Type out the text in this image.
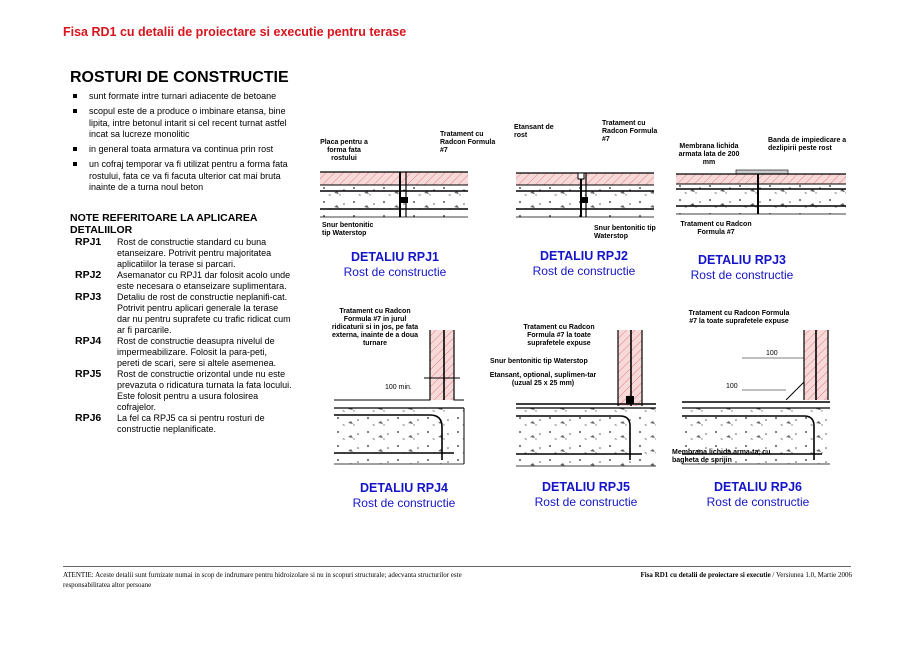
Fisa RD1 cu detalii de proiectare si executie pentru terase
ROSTURI DE CONSTRUCTIE
sunt formate intre turnari adiacente de betoane
scopul este de a produce o imbinare etansa, bine lipita, intre betonul intarit si cel recent turnat astfel incat sa lucreze monolitic
in general toata armatura va continua prin rost
un cofraj temporar va fi utilizat pentru a forma fata rostului, fata ce va fi facuta ulterior cat mai bruta inainte de a turna noul beton
NOTE REFERITOARE LA APLICAREA DETALIILOR
RPJ1	Rost de constructie standard cu buna etanseizare. Potrivit pentru majoritatea aplicatiilor la terase si parcari.
RPJ2	Asemanator cu RPJ1 dar folosit acolo unde este necesara o etanseizare suplimentara.
RPJ3	Detaliu de rost de constructie neplanifi-cat. Potrivit pentru aplicari generale la terase dar nu pentru suprafete cu trafic ridicat cum ar fi parcarile.
RPJ4	Rost de constructie deasupra nivelul de impermeabilizare. Folosit la para-peti, pereti de scari, sere si altele asemenea.
RPJ5	Rost de constructie orizontal unde nu este prevazuta o ridicatura turnata la fata locului. Este folosit pentru a usura folosirea cofrajelor.
RPJ6	La fel ca RPJ5 ca si pentru rosturi de constructie neplanificate.
Placa pentru a forma fata rostului
Tratament cu Radcon Formula #7
Snur bentonitic tip Waterstop
DETALIU RPJ1
Rost de constructie
Etansant de rost
Tratament cu Radcon Formula #7
Snur bentonitic tip Waterstop
DETALIU RPJ2
Rost de constructie
Membrana lichida armata lata de 200 mm
Banda de impiedicare a dezlipirii peste rost
Tratament cu Radcon Formula #7
DETALIU RPJ3
Rost de constructie
Tratament cu Radcon Formula #7 in jurul ridicaturii si in jos, pe fata externa, inainte de a doua turnare
100 min.
DETALIU RPJ4
Rost de constructie
Tratament cu Radcon Formula #7 la toate suprafetele expuse
Snur bentonitic tip Waterstop
Etansant, optional, suplimen-tar (uzual 25 x 25 mm)
DETALIU RPJ5
Rost de constructie
Tratament cu Radcon Formula #7 la toate suprafetele expuse
100
100
Membrana lichida arma-ta, cu bagheta de sprijin
DETALIU RPJ6
Rost de constructie
ATENTIE: Aceste detalii sunt furnizate numai in scop de indrumare pentru hidroizolare si nu in scopuri structurale; adecvanta structurilor este responsabilitatea altor persoane
Fisa RD1 cu detalii de proiectare si executie / Versiunea 1.0, Martie 2006
